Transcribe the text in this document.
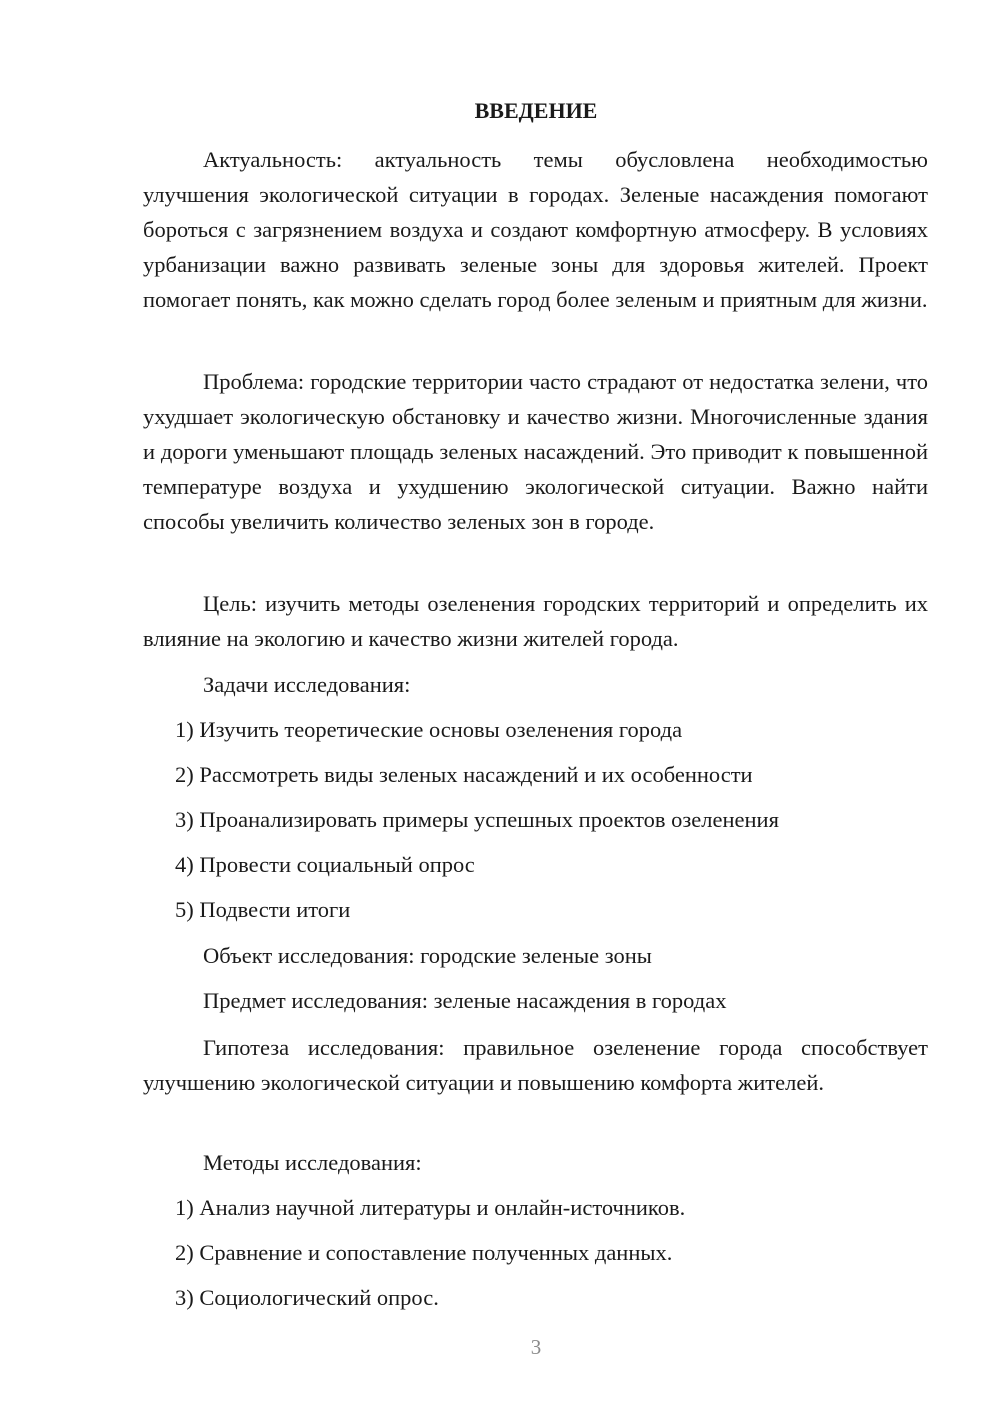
ВВЕДЕНИЕ

Актуальность: актуальность темы обусловлена необходимостью улучшения экологической ситуации в городах. Зеленые насаждения помогают бороться с загрязнением воздуха и создают комфортную атмосферу. В условиях урбанизации важно развивать зеленые зоны для здоровья жителей. Проект помогает понять, как можно сделать город более зеленым и приятным для жизни.

Проблема: городские территории часто страдают от недостатка зелени, что ухудшает экологическую обстановку и качество жизни. Многочисленные здания и дороги уменьшают площадь зеленых насаждений. Это приводит к повышенной температуре воздуха и ухудшению экологической ситуации. Важно найти способы увеличить количество зеленых зон в городе.

Цель: изучить методы озеленения городских территорий и определить их влияние на экологию и качество жизни жителей города.

Задачи исследования:

1) Изучить теоретические основы озеленения города

2) Рассмотреть виды зеленых насаждений и их особенности

3) Проанализировать примеры успешных проектов озеленения

4) Провести социальный опрос

5) Подвести итоги

Объект исследования: городские зеленые зоны

Предмет исследования: зеленые насаждения в городах

Гипотеза исследования: правильное озеленение города способствует улучшению экологической ситуации и повышению комфорта жителей.

Методы исследования:

1) Анализ научной литературы и онлайн-источников.

2) Сравнение и сопоставление полученных данных.

3) Социологический опрос.

3
